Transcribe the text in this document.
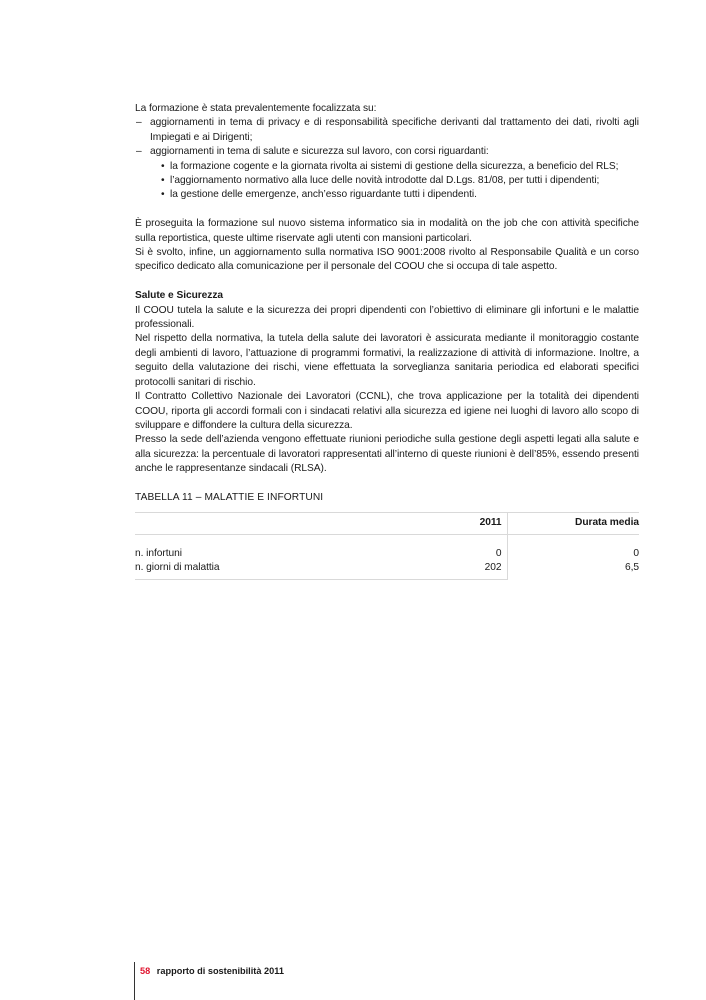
La formazione è stata prevalentemente focalizzata su:

– aggiornamenti in tema di privacy e di responsabilità specifiche derivanti dal trattamento dei dati, rivolti agli Impiegati e ai Dirigenti;
– aggiornamenti in tema di salute e sicurezza sul lavoro, con corsi riguardanti:
• la formazione cogente e la giornata rivolta ai sistemi di gestione della sicurezza, a beneficio del RLS;
• l’aggiornamento normativo alla luce delle novità introdotte dal D.Lgs. 81/08, per tutti i dipendenti;
• la gestione delle emergenze, anch’esso riguardante tutti i dipendenti.

È proseguita la formazione sul nuovo sistema informatico sia in modalità on the job che con attività specifiche sulla reportistica, queste ultime riservate agli utenti con mansioni particolari.

Si è svolto, infine, un aggiornamento sulla normativa ISO 9001:2008 rivolto al Responsabile Qualità e un corso specifico dedicato alla comunicazione per il personale del COOU che si occupa di tale aspetto.

Salute e Sicurezza

Il COOU tutela la salute e la sicurezza dei propri dipendenti con l’obiettivo di eliminare gli infortuni e le malattie professionali.

Nel rispetto della normativa, la tutela della salute dei lavoratori è assicurata mediante il monitoraggio costante degli ambienti di lavoro, l’attuazione di programmi formativi, la realizzazione di attività di informazione. Inoltre, a seguito della valutazione dei rischi, viene effettuata la sorveglianza sanitaria periodica ed elaborati specifici protocolli sanitari di rischio.

Il Contratto Collettivo Nazionale dei Lavoratori (CCNL), che trova applicazione per la totalità dei dipendenti COOU, riporta gli accordi formali con i sindacati relativi alla sicurezza ed igiene nei luoghi di lavoro allo scopo di sviluppare e diffondere la cultura della sicurezza.

Presso la sede dell’azienda vengono effettuate riunioni periodiche sulla gestione degli aspetti legati alla salute e alla sicurezza: la percentuale di lavoratori rappresentati all’interno di queste riunioni è dell’85%, essendo presenti anche le rappresentanze sindacali (RLSA).

TABELLA 11 – MALATTIE E INFORTUNI

	2011	Durata media

n. infortuni	0	0
n. giorni di malattia	202	6,5
58 rapporto di sostenibilità 2011
